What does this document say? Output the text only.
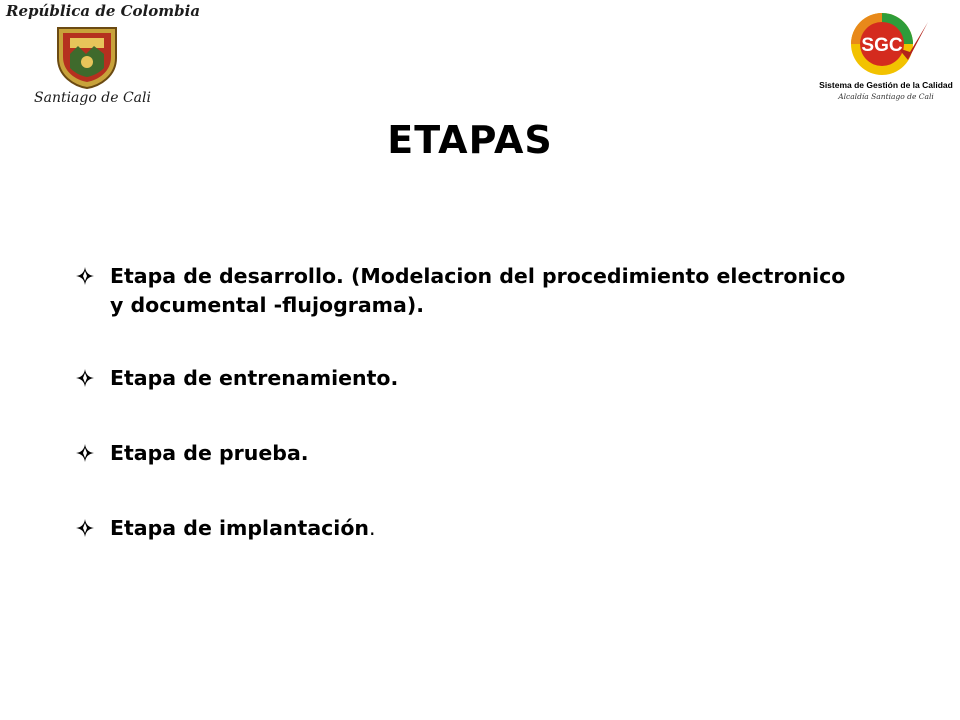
República de Colombia
Santiago de Cali
SGC
Sistema de Gestión de la Calidad
Alcaldía Santiago de Cali
ETAPAS
Etapa de desarrollo. (Modelacion del procedimiento electronico y documental -flujograma).
Etapa de entrenamiento.
Etapa de prueba.
Etapa de implantación.
